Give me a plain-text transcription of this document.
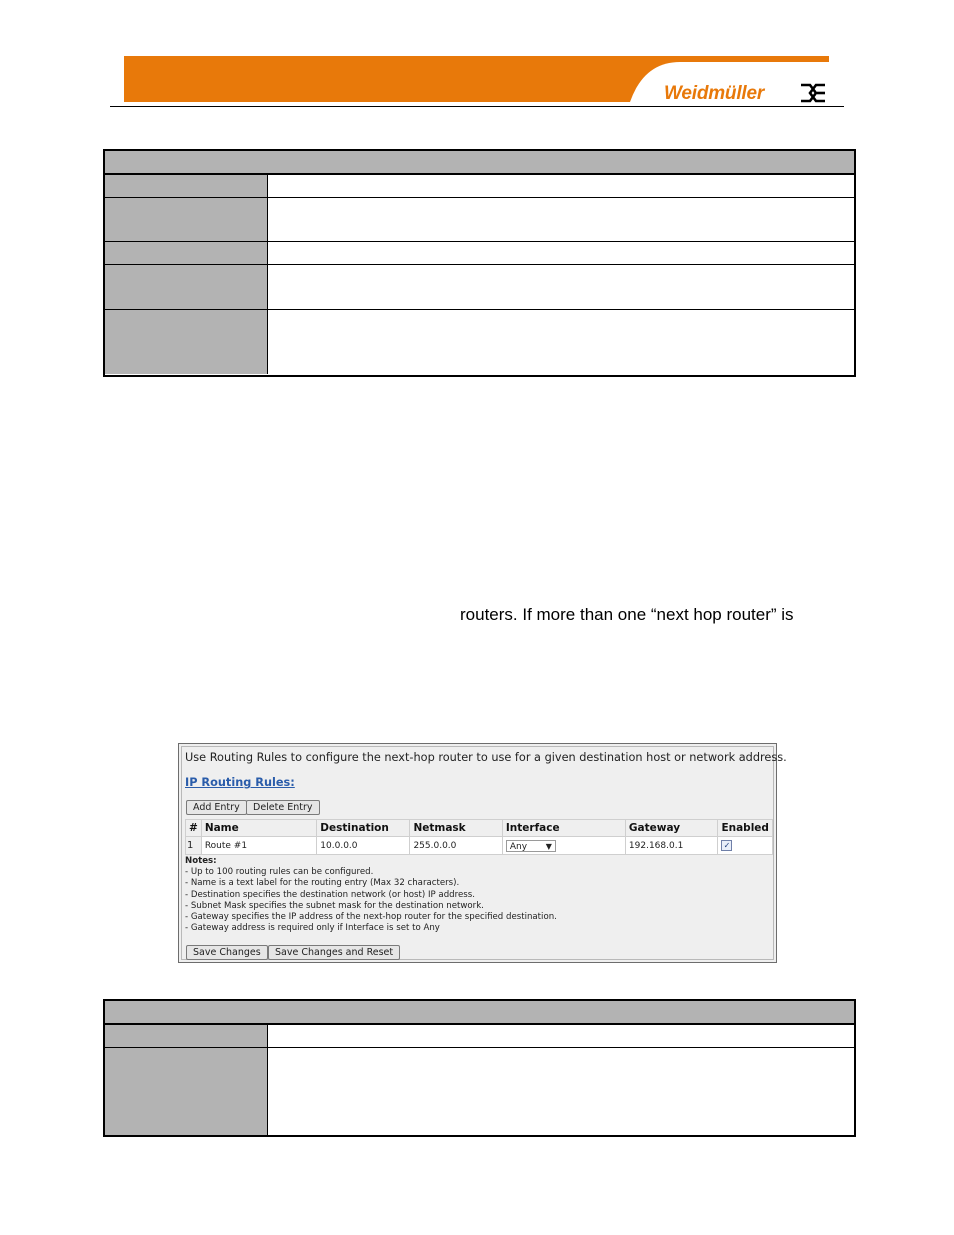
Weidmüller
routers. If more than one “next hop router” is
Use Routing Rules to configure the next-hop router to use for a given destination host or network address.
IP Routing Rules:
Add Entry	Delete Entry
#	Name	Destination	Netmask	Interface	Gateway	Enabled
1	Route #1	10.0.0.0	255.0.0.0	Any ▼	192.168.0.1	✓
Notes:
- Up to 100 routing rules can be configured.
- Name is a text label for the routing entry (Max 32 characters).
- Destination specifies the destination network (or host) IP address.
- Subnet Mask specifies the subnet mask for the destination network.
- Gateway specifies the IP address of the next-hop router for the specified destination.
- Gateway address is required only if Interface is set to Any
Save Changes	Save Changes and Reset
